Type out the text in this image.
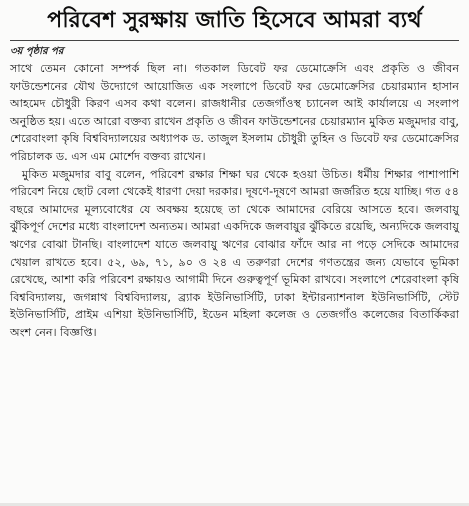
পরিবেশ সুরক্ষায় জাতি হিসেবে আমরা ব্যর্থ
৩য় পৃষ্ঠার পর

সাথে তেমন কোনো সম্পর্ক ছিল না। গতকাল ডিবেট ফর ডেমোক্রেসি এবং প্রকৃতি ও জীবন ফাউন্ডেশনের যৌথ উদ্যোগে আয়োজিত এক সংলাপে ডিবেট ফর ডেমোক্রেসির চেয়ারম্যান হাসান আহমেদ চৌধুরী কিরণ এসব কথা বলেন। রাজধানীর তেজগাঁওস্থ চ্যানেল আই কার্যালয়ে এ সংলাপ অনুষ্ঠিত হয়। এতে আরো বক্তব্য রাখেন প্রকৃতি ও জীবন ফাউন্ডেশনের চেয়ারম্যান মুকিত মজুমদার বাবু, শেরেবাংলা কৃষি বিশ্ববিদ্যালয়ের অধ্যাপক ড. তাজুল ইসলাম চৌধুরী তুহিন ও ডিবেট ফর ডেমোক্রেসির পরিচালক ড. এস এম মোর্শেদ বক্তব্য রাখেন।

মুকিত মজুমদার বাবু বলেন, পরিবেশ রক্ষার শিক্ষা ঘর থেকে হওয়া উচিত। ধর্মীয় শিক্ষার পাশাপাশি পরিবেশ নিয়ে ছোট বেলা থেকেই ধারণা দেয়া দরকার। দূষণে-দূষণে আমরা জর্জরিত হয়ে যাচ্ছি। গত ৫৪ বছরে আমাদের মূল্যবোধের যে অবক্ষয় হয়েছে তা থেকে আমাদের বেরিয়ে আসতে হবে। জলবায়ু ঝুঁকিপূর্ণ দেশের মধ্যে বাংলাদেশ অন্যতম। আমরা একদিকে জলবায়ুর ঝুঁকিতে রয়েছি, অন্যদিকে জলবায়ু ঋণের বোঝা টানছি। বাংলাদেশ যাতে জলবায়ু ঋণের বোঝার ফাঁদে আর না পড়ে সেদিকে আমাদের খেয়াল রাখতে হবে। ৫২, ৬৯, ৭১, ৯০ ও ২৪ এ তরুণরা দেশের গণতন্ত্রের জন্য যেভাবে ভূমিকা রেখেছে, আশা করি পরিবেশ রক্ষায়ও আগামী দিনে গুরুত্বপূর্ণ ভূমিকা রাখবে। সংলাপে শেরেবাংলা কৃষি বিশ্ববিদ্যালয়, জগন্নাথ বিশ্ববিদ্যালয়, ব্র্যাক ইউনিভার্সিটি, ঢাকা ইন্টারন্যাশনাল ইউনিভার্সিটি, স্টেট ইউনিভার্সিটি, প্রাইম এশিয়া ইউনিভার্সিটি, ইডেন মহিলা কলেজ ও তেজগাঁও কলেজের বিতার্কিকরা অংশ নেন। বিজ্ঞপ্তি।
